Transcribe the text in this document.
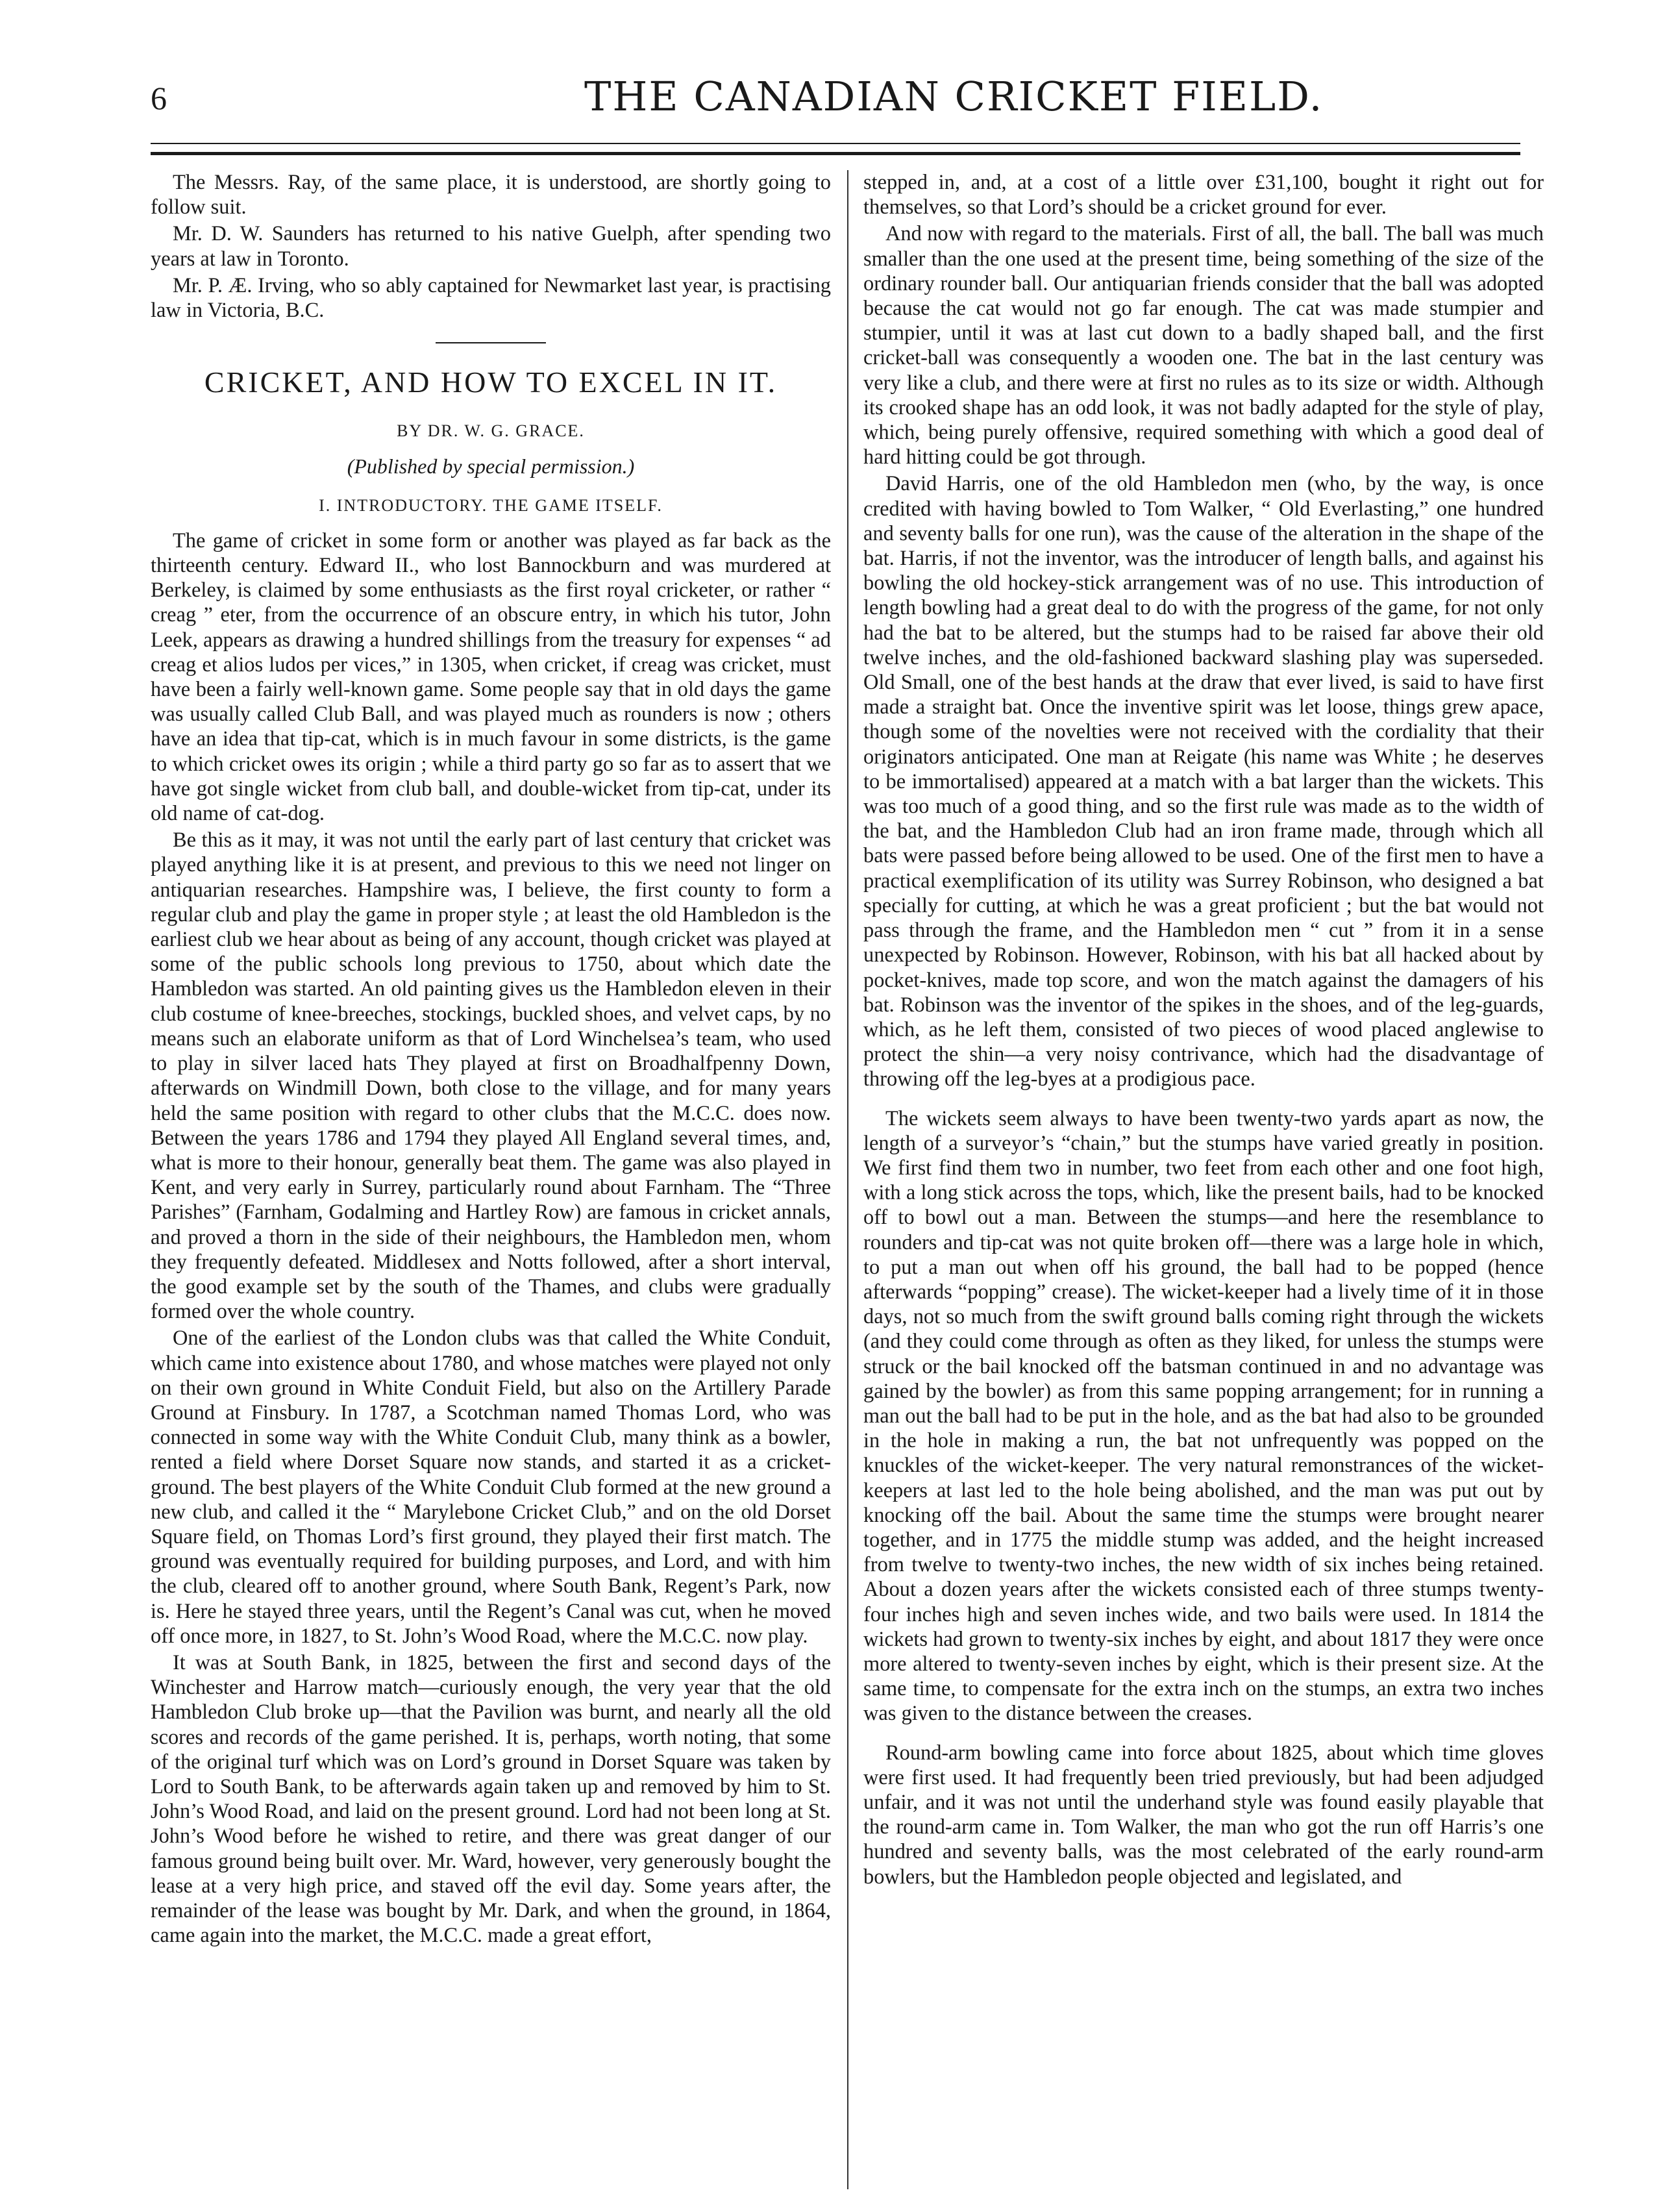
6	THE CANADIAN CRICKET FIELD.

The Messrs. Ray, of the same place, it is understood, are shortly going to follow suit.

Mr. D. W. Saunders has returned to his native Guelph, after spending two years at law in Toronto.

Mr. P. Æ. Irving, who so ably captained for Newmarket last year, is practising law in Victoria, B.C.

CRICKET, AND HOW TO EXCEL IN IT.
BY DR. W. G. GRACE.
(Published by special permission.)
I. INTRODUCTORY. THE GAME ITSELF.

The game of cricket in some form or another was played as far back as the thirteenth century. Edward II., who lost Bannockburn and was murdered at Berkeley, is claimed by some enthusiasts as the first royal cricketer, or rather “ creag ” eter, from the occurrence of an obscure entry, in which his tutor, John Leek, appears as drawing a hundred shillings from the treasury for expenses “ ad creag et alios ludos per vices,” in 1305, when cricket, if creag was cricket, must have been a fairly well-known game. Some people say that in old days the game was usually called Club Ball, and was played much as rounders is now ; others have an idea that tip-cat, which is in much favour in some districts, is the game to which cricket owes its origin ; while a third party go so far as to assert that we have got single wicket from club ball, and double-wicket from tip-cat, under its old name of cat-dog.

Be this as it may, it was not until the early part of last century that cricket was played anything like it is at present, and previous to this we need not linger on antiquarian researches. Hampshire was, I believe, the first county to form a regular club and play the game in proper style ; at least the old Hambledon is the earliest club we hear about as being of any account, though cricket was played at some of the public schools long previous to 1750, about which date the Hambledon was started. An old painting gives us the Hambledon eleven in their club costume of knee-breeches, stockings, buckled shoes, and velvet caps, by no means such an elaborate uniform as that of Lord Winchelsea’s team, who used to play in silver laced hats They played at first on Broadhalfpenny Down, afterwards on Windmill Down, both close to the village, and for many years held the same position with regard to other clubs that the M.C.C. does now. Between the years 1786 and 1794 they played All England several times, and, what is more to their honour, generally beat them. The game was also played in Kent, and very early in Surrey, particularly round about Farnham. The “Three Parishes” (Farnham, Godalming and Hartley Row) are famous in cricket annals, and proved a thorn in the side of their neighbours, the Hambledon men, whom they frequently defeated. Middlesex and Notts followed, after a short interval, the good example set by the south of the Thames, and clubs were gradually formed over the whole country.

One of the earliest of the London clubs was that called the White Conduit, which came into existence about 1780, and whose matches were played not only on their own ground in White Conduit Field, but also on the Artillery Parade Ground at Finsbury. In 1787, a Scotchman named Thomas Lord, who was connected in some way with the White Conduit Club, many think as a bowler, rented a field where Dorset Square now stands, and started it as a cricket-ground. The best players of the White Conduit Club formed at the new ground a new club, and called it the “ Marylebone Cricket Club,” and on the old Dorset Square field, on Thomas Lord’s first ground, they played their first match. The ground was eventually required for building purposes, and Lord, and with him the club, cleared off to another ground, where South Bank, Regent’s Park, now is. Here he stayed three years, until the Regent’s Canal was cut, when he moved off once more, in 1827, to St. John’s Wood Road, where the M.C.C. now play.

It was at South Bank, in 1825, between the first and second days of the Winchester and Harrow match—curiously enough, the very year that the old Hambledon Club broke up—that the Pavilion was burnt, and nearly all the old scores and records of the game perished. It is, perhaps, worth noting, that some of the original turf which was on Lord’s ground in Dorset Square was taken by Lord to South Bank, to be afterwards again taken up and removed by him to St. John’s Wood Road, and laid on the present ground. Lord had not been long at St. John’s Wood before he wished to retire, and there was great danger of our famous ground being built over. Mr. Ward, however, very generously bought the lease at a very high price, and staved off the evil day. Some years after, the remainder of the lease was bought by Mr. Dark, and when the ground, in 1864, came again into the market, the M.C.C. made a great effort,

stepped in, and, at a cost of a little over £31,100, bought it right out for themselves, so that Lord’s should be a cricket ground for ever.

And now with regard to the materials. First of all, the ball. The ball was much smaller than the one used at the present time, being something of the size of the ordinary rounder ball. Our antiquarian friends consider that the ball was adopted because the cat would not go far enough. The cat was made stumpier and stumpier, until it was at last cut down to a badly shaped ball, and the first cricket-ball was consequently a wooden one. The bat in the last century was very like a club, and there were at first no rules as to its size or width. Although its crooked shape has an odd look, it was not badly adapted for the style of play, which, being purely offensive, required something with which a good deal of hard hitting could be got through.

David Harris, one of the old Hambledon men (who, by the way, is once credited with having bowled to Tom Walker, “ Old Everlasting,” one hundred and seventy balls for one run), was the cause of the alteration in the shape of the bat. Harris, if not the inventor, was the introducer of length balls, and against his bowling the old hockey-stick arrangement was of no use. This introduction of length bowling had a great deal to do with the progress of the game, for not only had the bat to be altered, but the stumps had to be raised far above their old twelve inches, and the old-fashioned backward slashing play was superseded. Old Small, one of the best hands at the draw that ever lived, is said to have first made a straight bat. Once the inventive spirit was let loose, things grew apace, though some of the novelties were not received with the cordiality that their originators anticipated. One man at Reigate (his name was White ; he deserves to be immortalised) appeared at a match with a bat larger than the wickets. This was too much of a good thing, and so the first rule was made as to the width of the bat, and the Hambledon Club had an iron frame made, through which all bats were passed before being allowed to be used. One of the first men to have a practical exemplification of its utility was Surrey Robinson, who designed a bat specially for cutting, at which he was a great proficient ; but the bat would not pass through the frame, and the Hambledon men “ cut ” from it in a sense unexpected by Robinson. However, Robinson, with his bat all hacked about by pocket-knives, made top score, and won the match against the damagers of his bat. Robinson was the inventor of the spikes in the shoes, and of the leg-guards, which, as he left them, consisted of two pieces of wood placed anglewise to protect the shin—a very noisy contrivance, which had the disadvantage of throwing off the leg-byes at a prodigious pace.

The wickets seem always to have been twenty-two yards apart as now, the length of a surveyor’s “chain,” but the stumps have varied greatly in position. We first find them two in number, two feet from each other and one foot high, with a long stick across the tops, which, like the present bails, had to be knocked off to bowl out a man. Between the stumps—and here the resemblance to rounders and tip-cat was not quite broken off—there was a large hole in which, to put a man out when off his ground, the ball had to be popped (hence afterwards “popping” crease). The wicket-keeper had a lively time of it in those days, not so much from the swift ground balls coming right through the wickets (and they could come through as often as they liked, for unless the stumps were struck or the bail knocked off the batsman continued in and no advantage was gained by the bowler) as from this same popping arrangement; for in running a man out the ball had to be put in the hole, and as the bat had also to be grounded in the hole in making a run, the bat not unfrequently was popped on the knuckles of the wicket-keeper. The very natural remonstrances of the wicket-keepers at last led to the hole being abolished, and the man was put out by knocking off the bail. About the same time the stumps were brought nearer together, and in 1775 the middle stump was added, and the height increased from twelve to twenty-two inches, the new width of six inches being retained. About a dozen years after the wickets consisted each of three stumps twenty-four inches high and seven inches wide, and two bails were used. In 1814 the wickets had grown to twenty-six inches by eight, and about 1817 they were once more altered to twenty-seven inches by eight, which is their present size. At the same time, to compensate for the extra inch on the stumps, an extra two inches was given to the distance between the creases.

Round-arm bowling came into force about 1825, about which time gloves were first used. It had frequently been tried previously, but had been adjudged unfair, and it was not until the underhand style was found easily playable that the round-arm came in. Tom Walker, the man who got the run off Harris’s one hundred and seventy balls, was the most celebrated of the early round-arm bowlers, but the Hambledon people objected and legislated, and
